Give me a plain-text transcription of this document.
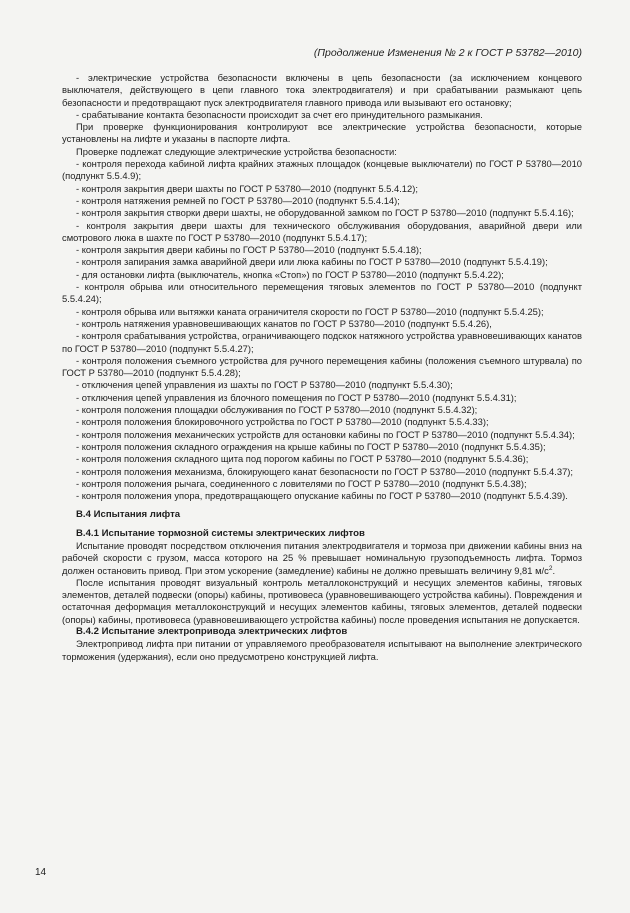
(Продолжение Изменения № 2 к ГОСТ Р 53782—2010)

- электрические устройства безопасности включены в цепь безопасности (за исключением концевого выключателя, действующего в цепи главного тока электродвигателя) и при срабатывании размыкают цепь безопасности и предотвращают пуск электродвигателя главного привода или вызывают его остановку;

- срабатывание контакта безопасности происходит за счет его принудительного размыкания.

При проверке функционирования контролируют все электрические устройства безопасности, которые установлены на лифте и указаны в паспорте лифта.

Проверке подлежат следующие электрические устройства безопасности:

- контроля перехода кабиной лифта крайних этажных площадок (концевые выключатели) по ГОСТ Р 53780—2010 (подпункт 5.5.4.9);

- контроля закрытия двери шахты по ГОСТ Р 53780—2010 (подпункт 5.5.4.12);

- контроля натяжения ремней по ГОСТ Р 53780—2010 (подпункт 5.5.4.14);

- контроля закрытия створки двери шахты, не оборудованной замком по ГОСТ Р 53780—2010 (подпункт 5.5.4.16);

- контроля закрытия двери шахты для технического обслуживания оборудования, аварийной двери или смотрового люка в шахте по ГОСТ Р 53780—2010 (подпункт 5.5.4.17);

- контроля закрытия двери кабины по ГОСТ Р 53780—2010 (подпункт 5.5.4.18);

- контроля запирания замка аварийной двери или люка кабины по ГОСТ Р 53780—2010 (подпункт 5.5.4.19);

- для остановки лифта (выключатель, кнопка «Стоп») по ГОСТ Р 53780—2010 (подпункт 5.5.4.22);

- контроля обрыва или относительного перемещения тяговых элементов по ГОСТ Р 53780—2010 (подпункт 5.5.4.24);

- контроля обрыва или вытяжки каната ограничителя скорости по ГОСТ Р 53780—2010 (подпункт 5.5.4.25);

- контроль натяжения уравновешивающих канатов по ГОСТ Р 53780—2010 (подпункт 5.5.4.26),

- контроля срабатывания устройства, ограничивающего подскок натяжного устройства уравновешивающих канатов по ГОСТ Р 53780—2010 (подпункт 5.5.4.27);

- контроля положения съемного устройства для ручного перемещения кабины (положения съемного штурвала) по ГОСТ Р 53780—2010 (подпункт 5.5.4.28);

- отключения цепей управления из шахты по ГОСТ Р 53780—2010 (подпункт 5.5.4.30);

- отключения цепей управления из блочного помещения по ГОСТ Р 53780—2010 (подпункт 5.5.4.31);

- контроля положения площадки обслуживания по ГОСТ Р 53780—2010 (подпункт 5.5.4.32);

- контроля положения блокировочного устройства по ГОСТ Р 53780—2010 (подпункт 5.5.4.33);

- контроля положения механических устройств для остановки кабины по ГОСТ Р 53780—2010 (подпункт 5.5.4.34);

- контроля положения складного ограждения на крыше кабины по ГОСТ Р 53780—2010 (подпункт 5.5.4.35);

- контроля положения складного щита под порогом кабины по ГОСТ Р 53780—2010 (подпункт 5.5.4.36);

- контроля положения механизма, блокирующего канат безопасности по ГОСТ Р 53780—2010 (подпункт 5.5.4.37);

- контроля положения рычага, соединенного с ловителями по ГОСТ Р 53780—2010 (подпункт 5.5.4.38);

- контроля положения упора, предотвращающего опускание кабины по ГОСТ Р 53780—2010 (подпункт 5.5.4.39).

В.4 Испытания лифта
В.4.1 Испытание тормозной системы электрических лифтов

Испытание проводят посредством отключения питания электродвигателя и тормоза при движении кабины вниз на рабочей скорости с грузом, масса которого на 25 % превышает номинальную грузоподъемность лифта. Тормоз должен остановить привод. При этом ускорение (замедление) кабины не должно превышать величину 9,81 $м/с^2$.

После испытания проводят визуальный контроль металлоконструкций и несущих элементов кабины, тяговых элементов, деталей подвески (опоры) кабины, противовеса (уравновешивающего устройства кабины). Повреждения и остаточная деформация металлоконструкций и несущих элементов кабины, тяговых элементов, деталей подвески (опоры) кабины, противовеса (уравновешивающего устройства кабины) после проведения испытания не допускается.

В.4.2 Испытание электропривода электрических лифтов

Электропривод лифта при питании от управляемого преобразователя испытывают на выполнение электрического торможения (удержания), если оно предусмотрено конструкцией лифта.

14
